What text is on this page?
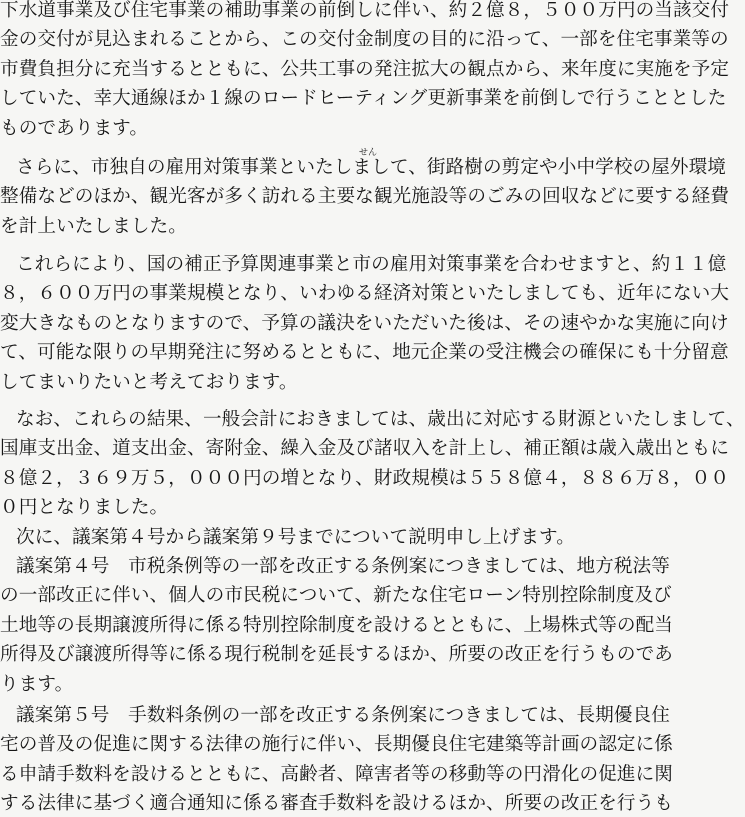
下水道事業及び住宅事業の補助事業の前倒しに伴い、約２億８，５００万円の当該交付
金の交付が見込まれることから、この交付金制度の目的に沿って、一部を住宅事業等の
市費負担分に充当するとともに、公共工事の発注拡大の観点から、来年度に実施を予定
していた、幸大通線ほか１線のロードヒーティング更新事業を前倒しで行うこととした
ものであります。
せん
さらに、市独自の雇用対策事業といたしまして、街路樹の剪定や小中学校の屋外環境
整備などのほか、観光客が多く訪れる主要な観光施設等のごみの回収などに要する経費
を計上いたしました。
これらにより、国の補正予算関連事業と市の雇用対策事業を合わせますと、約１１億
８，６００万円の事業規模となり、いわゆる経済対策といたしましても、近年にない大
変大きなものとなりますので、予算の議決をいただいた後は、その速やかな実施に向け
て、可能な限りの早期発注に努めるとともに、地元企業の受注機会の確保にも十分留意
してまいりたいと考えております。
なお、これらの結果、一般会計におきましては、歳出に対応する財源といたしまして、
国庫支出金、道支出金、寄附金、繰入金及び諸収入を計上し、補正額は歳入歳出ともに
８億２，３６９万５，０００円の増となり、財政規模は５５８億４，８８６万８，００
０円となりました。
次に、議案第４号から議案第９号までについて説明申し上げます。
議案第４号　市税条例等の一部を改正する条例案につきましては、地方税法等
の一部改正に伴い、個人の市民税について、新たな住宅ローン特別控除制度及び
土地等の長期譲渡所得に係る特別控除制度を設けるとともに、上場株式等の配当
所得及び譲渡所得等に係る現行税制を延長するほか、所要の改正を行うものであ
ります。
議案第５号　手数料条例の一部を改正する条例案につきましては、長期優良住
宅の普及の促進に関する法律の施行に伴い、長期優良住宅建築等計画の認定に係
る申請手数料を設けるとともに、高齢者、障害者等の移動等の円滑化の促進に関
する法律に基づく適合通知に係る審査手数料を設けるほか、所要の改正を行うも
